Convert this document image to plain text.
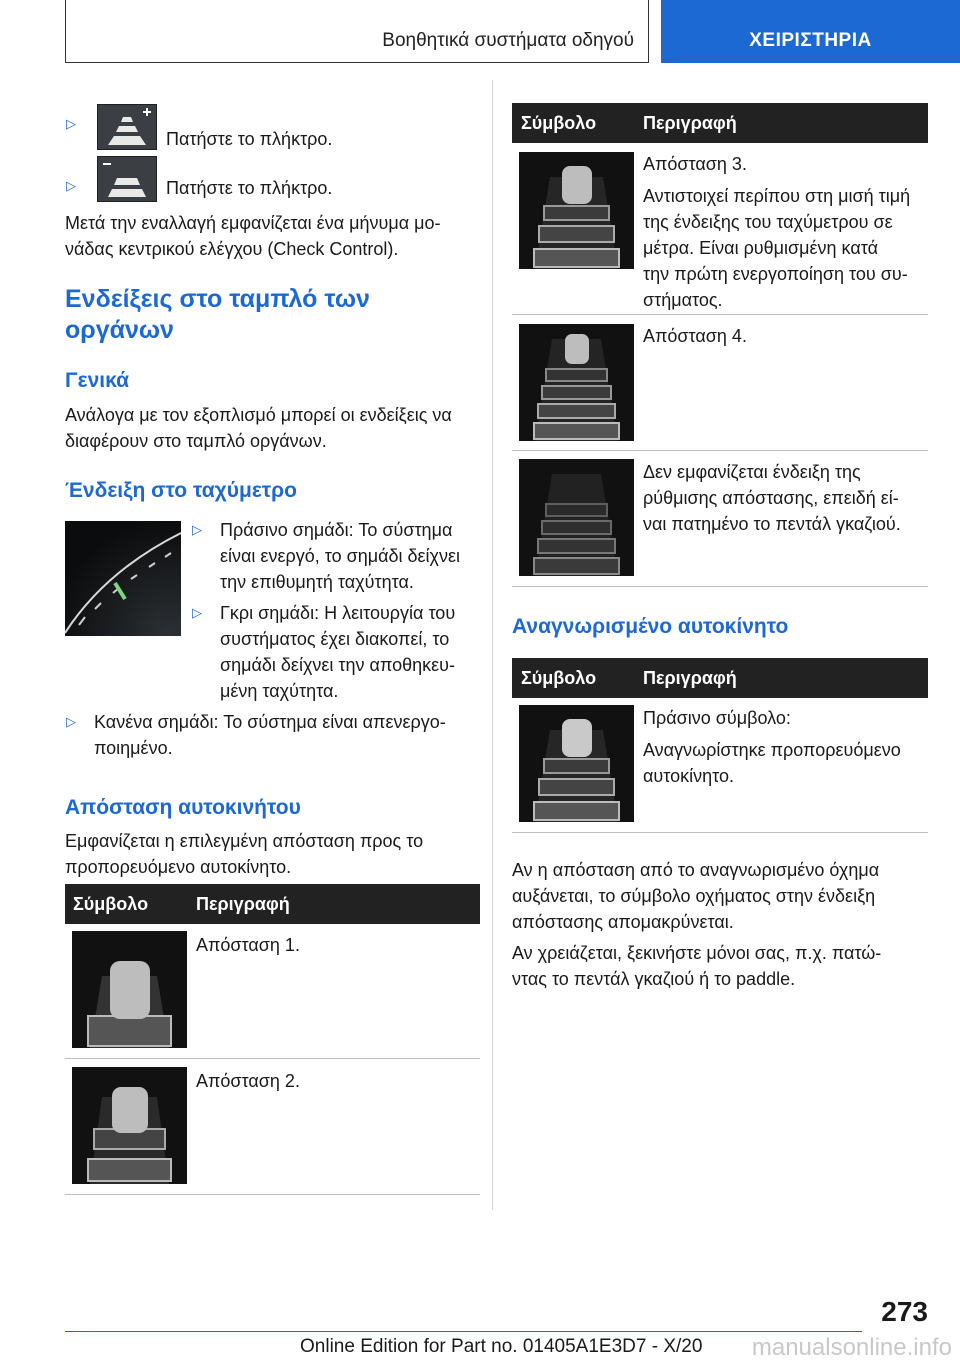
Βοηθητικά συστήματα οδηγού	ΧΕΙΡΙΣΤΗΡΙΑ
▷
Πατήστε το πλήκτρο.
▷	Πατήστε το πλήκτρο.
Μετά την εναλλαγή εμφανίζεται ένα μήνυμα μο-
νάδας κεντρικού ελέγχου (Check Control).
Ενδείξεις στο ταμπλό των
οργάνων
Γενικά
Ανάλογα με τον εξοπλισμό μπορεί οι ενδείξεις να
διαφέρουν στο ταμπλό οργάνων.
Ένδειξη στο ταχύμετρο
▷ Πράσινο σημάδι: Το σύστημα
είναι ενεργό, το σημάδι δείχνει
την επιθυμητή ταχύτητα.
▷ Γκρι σημάδι: Η λειτουργία του
συστήματος έχει διακοπεί, το
σημάδι δείχνει την αποθηκευ-
μένη ταχύτητα.
▷ Κανένα σημάδι: Το σύστημα είναι απενεργο-
ποιημένο.
Απόσταση αυτοκινήτου
Εμφανίζεται η επιλεγμένη απόσταση προς το
προπορευόμενο αυτοκίνητο.
Σύμβολο	Περιγραφή
Απόσταση 1.
Απόσταση 2.
Σύμβολο	Περιγραφή
Απόσταση 3.
Αντιστοιχεί περίπου στη μισή τιμή
της ένδειξης του ταχύμετρου σε
μέτρα. Είναι ρυθμισμένη κατά
την πρώτη ενεργοποίηση του συ-
στήματος.
Απόσταση 4.
Δεν εμφανίζεται ένδειξη της
ρύθμισης απόστασης, επειδή εί-
ναι πατημένο το πεντάλ γκαζιού.
Αναγνωρισμένο αυτοκίνητο
Σύμβολο	Περιγραφή
Πράσινο σύμβολο:
Αναγνωρίστηκε προπορευόμενο
αυτοκίνητο.
Αν η απόσταση από το αναγνωρισμένο όχημα
αυξάνεται, το σύμβολο οχήματος στην ένδειξη
απόστασης απομακρύνεται.
Αν χρειάζεται, ξεκινήστε μόνοι σας, π.χ. πατώ-
ντας το πεντάλ γκαζιού ή το paddle.
273
Online Edition for Part no. 01405A1E3D7 - X/20 manualsonline.info
